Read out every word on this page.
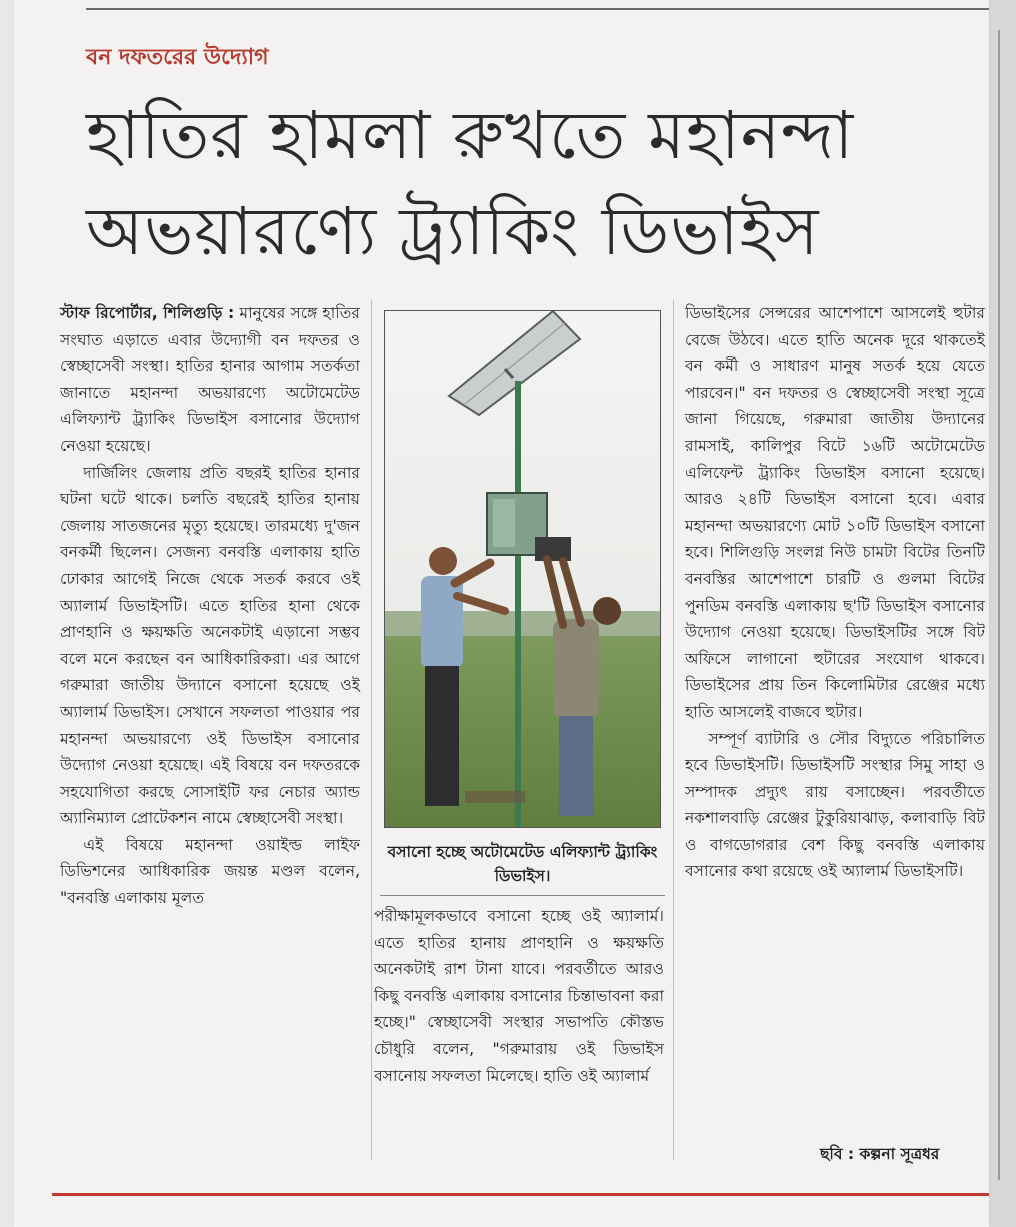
বন দফতরের উদ্যোগ
হাতির হামলা রুখতে মহানন্দা অভয়ারণ্যে ট্র্যাকিং ডিভাইস

স্টাফ রিপোর্টার, শিলিগুড়ি : মানুষের সঙ্গে হাতির সংঘাত এড়াতে এবার উদ্যোগী বন দফতর ও স্বেচ্ছাসেবী সংস্থা। হাতির হানার আগাম সতর্কতা জানাতে মহানন্দা অভয়ারণ্যে অটোমেটেড এলিফ্যান্ট ট্র্যাকিং ডিভাইস বসানোর উদ্যোগ নেওয়া হয়েছে।

দার্জিলিং জেলায় প্রতি বছরই হাতির হানার ঘটনা ঘটে থাকে। চলতি বছরেই হাতির হানায় জেলায় সাতজনের মৃত্যু হয়েছে। তারমধ্যে দু'জন বনকর্মী ছিলেন। সেজন্য বনবস্তি এলাকায় হাতি ঢোকার আগেই নিজে থেকে সতর্ক করবে ওই অ্যালার্ম ডিভাইসটি। এতে হাতির হানা থেকে প্রাণহানি ও ক্ষয়ক্ষতি অনেকটাই এড়ানো সম্ভব বলে মনে করছেন বন আধিকারিকরা। এর আগে গরুমারা জাতীয় উদ্যানে বসানো হয়েছে ওই অ্যালার্ম ডিভাইস। সেখানে সফলতা পাওয়ার পর মহানন্দা অভয়ারণ্যে ওই ডিভাইস বসানোর উদ্যোগ নেওয়া হয়েছে। এই বিষয়ে বন দফতরকে সহযোগিতা করছে সোসাইটি ফর নেচার অ্যান্ড অ্যানিম্যাল প্রোটেকশন নামে স্বেচ্ছাসেবী সংস্থা।

এই বিষয়ে মহানন্দা ওয়াইল্ড লাইফ ডিভিশনের আধিকারিক জয়ন্ত মণ্ডল বলেন, "বনবস্তি এলাকায় মূলত

বসানো হচ্ছে অটোমেটেড এলিফ্যান্ট ট্র্যাকিং ডিভাইস।

পরীক্ষামূলকভাবে বসানো হচ্ছে ওই অ্যালার্ম। এতে হাতির হানায় প্রাণহানি ও ক্ষয়ক্ষতি অনেকটাই রাশ টানা যাবে। পরবর্তীতে আরও কিছু বনবস্তি এলাকায় বসানোর চিন্তাভাবনা করা হচ্ছে।" স্বেচ্ছাসেবী সংস্থার সভাপতি কৌস্তভ চৌধুরি বলেন, "গরুমারায় ওই ডিভাইস বসানোয় সফলতা মিলেছে। হাতি ওই অ্যালার্ম

ডিভাইসের সেন্সরের আশেপাশে আসলেই হুটার বেজে উঠবে। এতে হাতি অনেক দূরে থাকতেই বন কর্মী ও সাধারণ মানুষ সতর্ক হয়ে যেতে পারবেন।" বন দফতর ও স্বেচ্ছাসেবী সংস্থা সূত্রে জানা গিয়েছে, গরুমারা জাতীয় উদ্যানের রামসাই, কালিপুর বিটে ১৬টি অটোমেটেড এলিফেন্ট ট্র্যাকিং ডিভাইস বসানো হয়েছে। আরও ২৪টি ডিভাইস বসানো হবে। এবার মহানন্দা অভয়ারণ্যে মোট ১০টি ডিভাইস বসানো হবে। শিলিগুড়ি সংলগ্ন নিউ চামটা বিটের তিনটি বনবস্তির আশেপাশে চারটি ও গুলমা বিটের পুনডিম বনবস্তি এলাকায় ছ'টি ডিভাইস বসানোর উদ্যোগ নেওয়া হয়েছে। ডিভাইসটির সঙ্গে বিট অফিসে লাগানো হুটারের সংযোগ থাকবে। ডিভাইসের প্রায় তিন কিলোমিটার রেঞ্জের মধ্যে হাতি আসলেই বাজবে হুটার।

সম্পূর্ণ ব্যাটারি ও সৌর বিদ্যুতে পরিচালিত হবে ডিভাইসটি। ডিভাইসটি সংস্থার সিমু সাহা ও সম্পাদক প্রদ্যুৎ রায় বসাচ্ছেন। পরবর্তীতে নকশালবাড়ি রেঞ্জের টুকুরিয়াঝাড়, কলাবাড়ি বিট ও বাগডোগরার বেশ কিছু বনবস্তি এলাকায় বসানোর কথা রয়েছে ওই অ্যালার্ম ডিভাইসটি।

ছবি : কল্পনা সূত্রধর
